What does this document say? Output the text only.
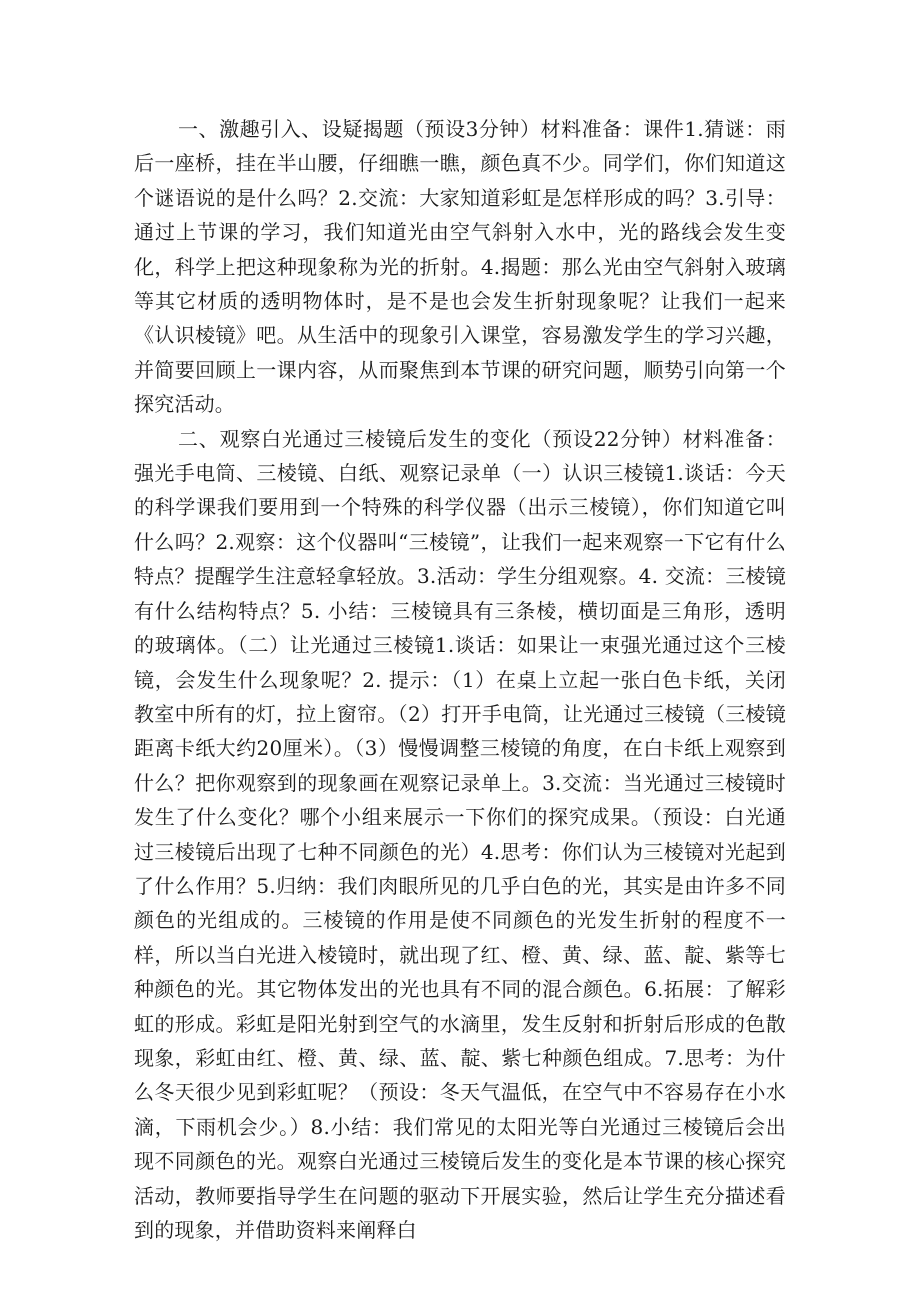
一、激趣引入、设疑揭题（预设3分钟）材料准备：课件1.猜谜：雨后一座桥，挂在半山腰，仔细瞧一瞧，颜色真不少。同学们，你们知道这个谜语说的是什么吗？2.交流：大家知道彩虹是怎样形成的吗？3.引导：通过上节课的学习，我们知道光由空气斜射入水中，光的路线会发生变化，科学上把这种现象称为光的折射。4.揭题：那么光由空气斜射入玻璃等其它材质的透明物体时，是不是也会发生折射现象呢？让我们一起来《认识棱镜》吧。从生活中的现象引入课堂，容易激发学生的学习兴趣，并简要回顾上一课内容，从而聚焦到本节课的研究问题，顺势引向第一个探究活动。

二、观察白光通过三棱镜后发生的变化（预设22分钟）材料准备：强光手电筒、三棱镜、白纸、观察记录单（一）认识三棱镜1.谈话：今天的科学课我们要用到一个特殊的科学仪器（出示三棱镜），你们知道它叫什么吗？2.观察：这个仪器叫“三棱镜”，让我们一起来观察一下它有什么特点？提醒学生注意轻拿轻放。3.活动：学生分组观察。4. 交流：三棱镜有什么结构特点？5. 小结：三棱镜具有三条棱，横切面是三角形，透明的玻璃体。（二）让光通过三棱镜1.谈话：如果让一束强光通过这个三棱镜，会发生什么现象呢？2. 提示：（1）在桌上立起一张白色卡纸，关闭教室中所有的灯，拉上窗帘。（2）打开手电筒，让光通过三棱镜（三棱镜距离卡纸大约20厘米）。（3）慢慢调整三棱镜的角度，在白卡纸上观察到什么？把你观察到的现象画在观察记录单上。3.交流：当光通过三棱镜时发生了什么变化？哪个小组来展示一下你们的探究成果。（预设：白光通过三棱镜后出现了七种不同颜色的光）4.思考：你们认为三棱镜对光起到了什么作用？5.归纳：我们肉眼所见的几乎白色的光，其实是由许多不同颜色的光组成的。三棱镜的作用是使不同颜色的光发生折射的程度不一样，所以当白光进入棱镜时，就出现了红、橙、黄、绿、蓝、靛、紫等七种颜色的光。其它物体发出的光也具有不同的混合颜色。6.拓展：了解彩虹的形成。彩虹是阳光射到空气的水滴里，发生反射和折射后形成的色散现象，彩虹由红、橙、黄、绿、蓝、靛、紫七种颜色组成。7.思考：为什么冬天很少见到彩虹呢？（预设：冬天气温低，在空气中不容易存在小水滴，下雨机会少。）8.小结：我们常见的太阳光等白光通过三棱镜后会出现不同颜色的光。观察白光通过三棱镜后发生的变化是本节课的核心探究活动，教师要指导学生在问题的驱动下开展实验，然后让学生充分描述看到的现象，并借助资料来阐释白
